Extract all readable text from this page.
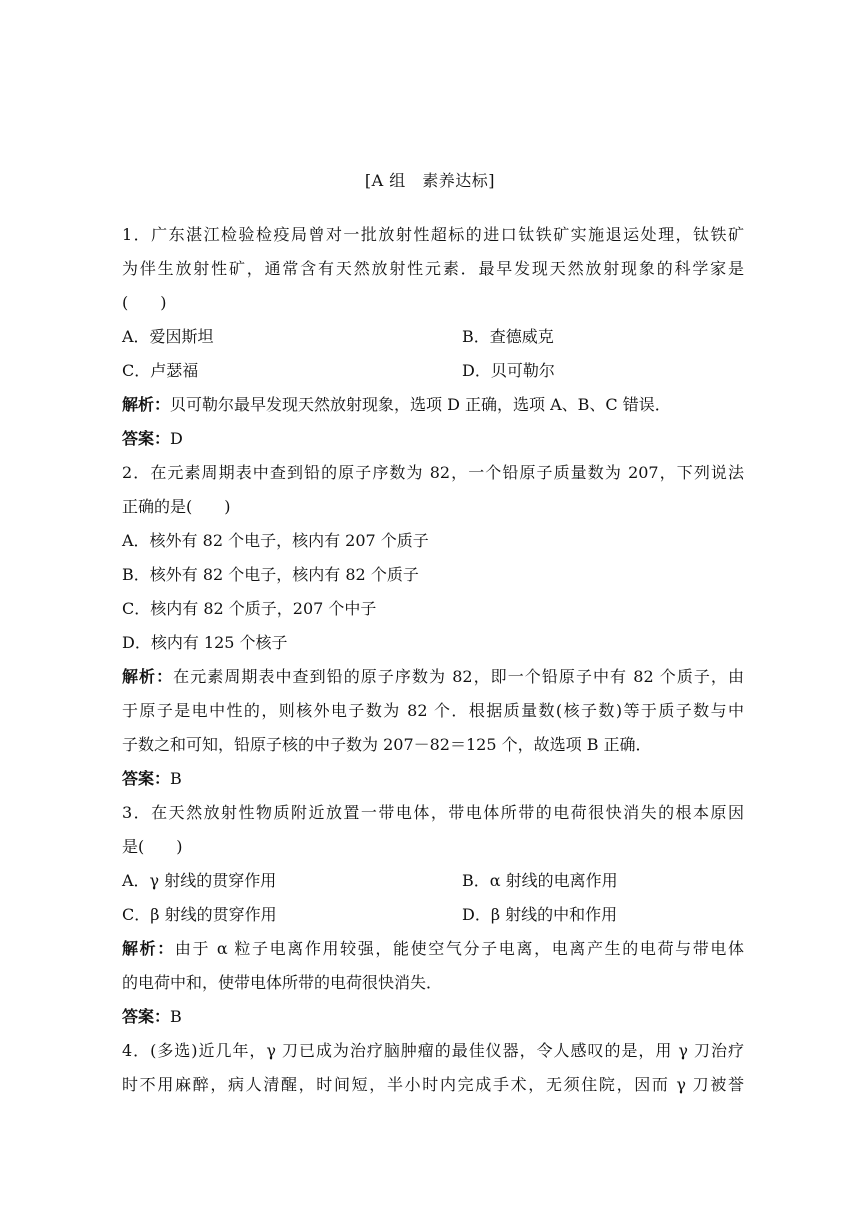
[A 组　素养达标]
1．广东湛江检验检疫局曾对一批放射性超标的进口钛铁矿实施退运处理，钛铁矿
为伴生放射性矿，通常含有天然放射性元素．最早发现天然放射现象的科学家是
(　　)
A．爱因斯坦	B．查德威克
C．卢瑟福	D．贝可勒尔
解析：贝可勒尔最早发现天然放射现象，选项 D 正确，选项 A、B、C 错误．
答案：D
2．在元素周期表中查到铅的原子序数为 82，一个铅原子质量数为 207，下列说法
正确的是(　　)
A．核外有 82 个电子，核内有 207 个质子
B．核外有 82 个电子，核内有 82 个质子
C．核内有 82 个质子，207 个中子
D．核内有 125 个核子
解析：在元素周期表中查到铅的原子序数为 82，即一个铅原子中有 82 个质子，由
于原子是电中性的，则核外电子数为 82 个．根据质量数(核子数)等于质子数与中
子数之和可知，铅原子核的中子数为 207－82＝125 个，故选项 B 正确．
答案：B
3．在天然放射性物质附近放置一带电体，带电体所带的电荷很快消失的根本原因
是(　　)
A．γ 射线的贯穿作用	B．α 射线的电离作用
C．β 射线的贯穿作用	D．β 射线的中和作用
解析：由于 α 粒子电离作用较强，能使空气分子电离，电离产生的电荷与带电体
的电荷中和，使带电体所带的电荷很快消失．
答案：B
4．(多选)近几年，γ 刀已成为治疗脑肿瘤的最佳仪器，令人感叹的是，用 γ 刀治疗
时不用麻醉，病人清醒，时间短，半小时内完成手术，无须住院，因而 γ 刀被誉
